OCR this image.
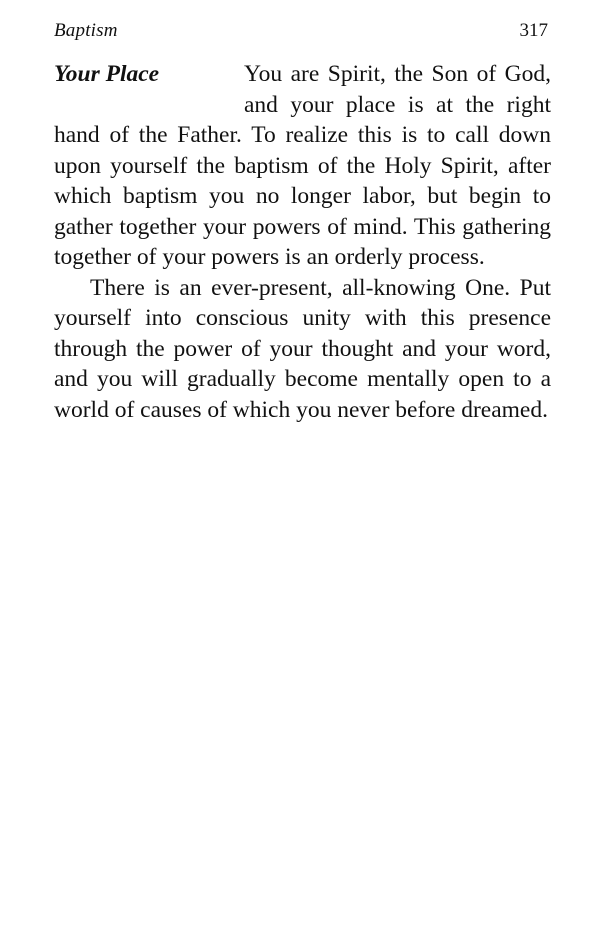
Baptism	317
Your Place	You are Spirit, the Son of God, and your place is at the right hand of the Father. To realize this is to call down upon yourself the baptism of the Holy Spirit, after which baptism you no longer labor, but begin to gather together your powers of mind. This gathering together of your powers is an orderly process.

There is an ever-present, all-knowing One. Put yourself into conscious unity with this presence through the power of your thought and your word, and you will gradually become mentally open to a world of causes of which you never before dreamed.
